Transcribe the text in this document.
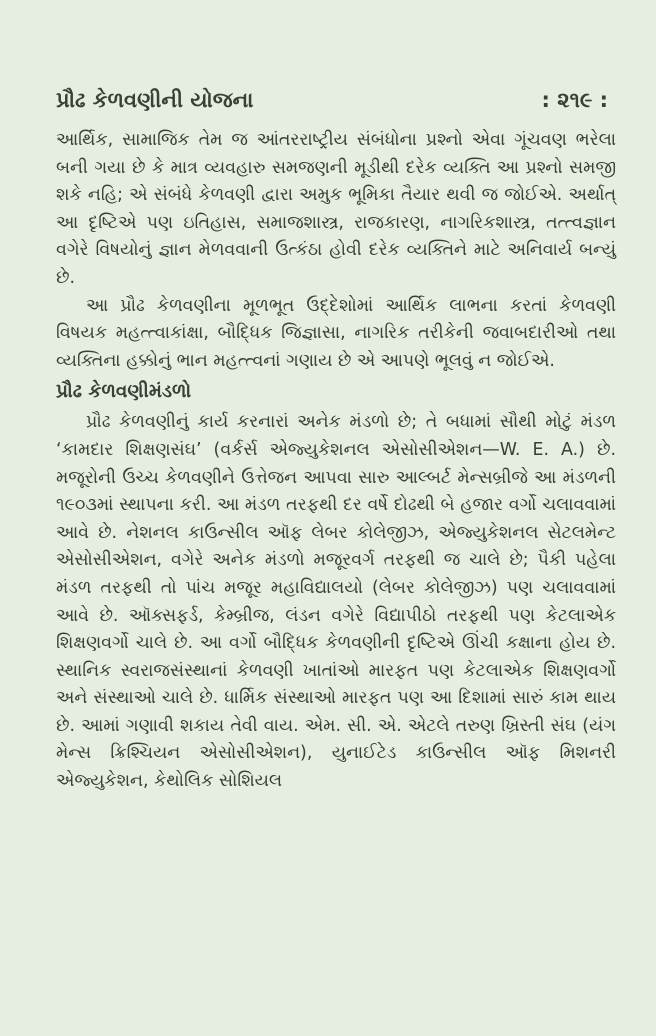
પ્રૌઢ કેળવણીની યોજના	: ૨૧૯ :

આર્થિક, સામાજિક તેમ જ આંતરરાષ્ટ્રીય સંબંધોના પ્રશ્નો એવા ગૂંચવણ ભરેલા બની ગયા છે કે માત્ર વ્યવહારુ સમજણની મૂડીથી દરેક વ્યક્તિ આ પ્રશ્નો સમજી શકે નહિ; એ સંબંધે કેળવણી દ્વારા અમુક ભૂમિકા તૈયાર થવી જ જોઈએ. અર્થાત્ આ દૃષ્ટિએ પણ ઇતિહાસ, સમાજશાસ્ત્ર, રાજકારણ, નાગરિકશાસ્ત્ર, તત્ત્વજ્ઞાન વગેરે વિષયોનું જ્ઞાન મેળવવાની ઉત્કંઠા હોવી દરેક વ્યક્તિને માટે અનિવાર્ય બન્યું છે.

આ પ્રૌઢ કેળવણીના મૂળભૂત ઉદ્દેશોમાં આર્થિક લાભના કરતાં કેળવણી વિષયક મહત્ત્વાકાંક્ષા, બૌદ્ધિક જિજ્ઞાસા, નાગરિક તરીકેની જવાબદારીઓ તથા વ્યક્તિના હક્કોનું ભાન મહત્ત્વનાં ગણાય છે એ આપણે ભૂલવું ન જોઈએ.

પ્રૌઢ કેળવણીમંડળો

પ્રૌઢ કેળવણીનું કાર્ય કરનારાં અનેક મંડળો છે; તે બધામાં સૌથી મોટું મંડળ ‘કામદાર શિક્ષણસંઘ’ (વર્કર્સ એજ્યુકેશનલ એસોસીએશન—W. E. A.) છે. મજૂરોની ઉચ્ચ કેળવણીને ઉત્તેજન આપવા સારુ આલ્બર્ટ મેન્સબ્રીજે આ મંડળની ૧૯૦૩માં સ્થાપના કરી. આ મંડળ તરફથી દર વર્ષે દોઢથી બે હજાર વર્ગો ચલાવવામાં આવે છે. નેશનલ કાઉન્સીલ ઑફ લેબર કોલેજીઝ, એજ્યુકેશનલ સેટલમેન્ટ એસોસીએશન, વગેરે અનેક મંડળો મજૂરવર્ગ તરફથી જ ચાલે છે; પૈકી પહેલા મંડળ તરફથી તો પાંચ મજૂર મહાવિદ્યાલયો (લેબર કોલેજીઝ) પણ ચલાવવામાં આવે છે. ઑક્સફર્ડ, કેમ્બ્રીજ, લંડન વગેરે વિદ્યાપીઠો તરફથી પણ કેટલાએક શિક્ષણવર્ગો ચાલે છે. આ વર્ગો બૌદ્ધિક કેળવણીની દૃષ્ટિએ ઊંચી કક્ષાના હોય છે. સ્થાનિક સ્વરાજસંસ્થાનાં કેળવણી ખાતાંઓ મારફત પણ કેટલાએક શિક્ષણવર્ગો અને સંસ્થાઓ ચાલે છે. ધાર્મિક સંસ્થાઓ મારફત પણ આ દિશામાં સારું કામ થાય છે. આમાં ગણાવી શકાય તેવી વાય. એમ. સી. એ. એટલે તરુણ ખ્રિસ્તી સંઘ (યંગ મેન્સ ક્રિશ્ચિયન એસોસીએશન), યુનાઈટેડ કાઉન્સીલ ઑફ મિશનરી એજ્યુકેશન, કેથોલિક સોશિયલ
